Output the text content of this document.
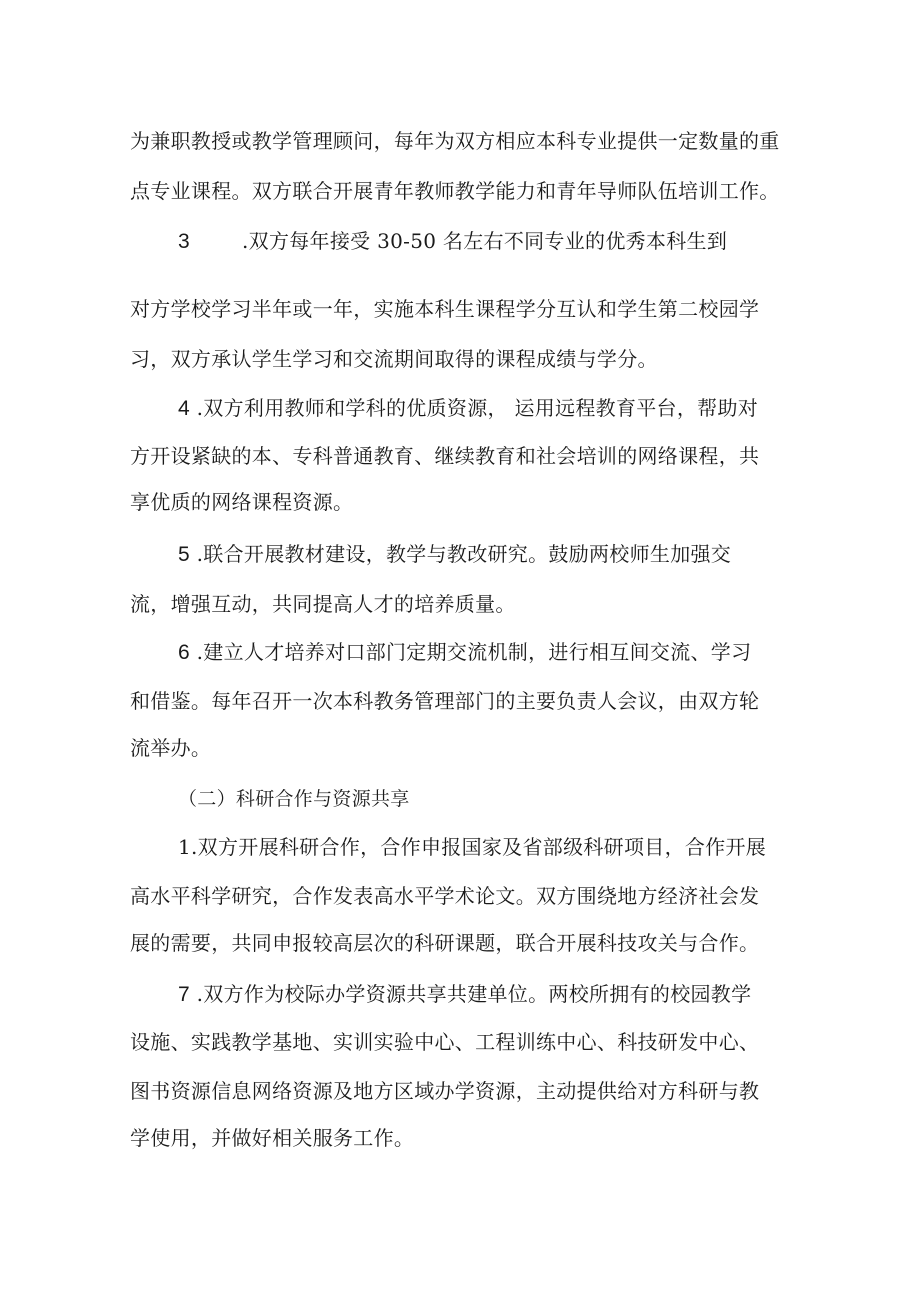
为兼职教授或教学管理顾问，每年为双方相应本科专业提供一定数量的重
点专业课程。双方联合开展青年教师教学能力和青年导师队伍培训工作。
3	.双方每年接受 30-50 名左右不同专业的优秀本科生到
对方学校学习半年或一年，实施本科生课程学分互认和学生第二校园学
习，双方承认学生学习和交流期间取得的课程成绩与学分。
4 .双方利用教师和学科的优质资源， 运用远程教育平台，帮助对
方开设紧缺的本、专科普通教育、继续教育和社会培训的网络课程，共
享优质的网络课程资源。
5 .联合开展教材建设，教学与教改研究。鼓励两校师生加强交
流，增强互动，共同提高人才的培养质量。
6 .建立人才培养对口部门定期交流机制，进行相互间交流、学习
和借鉴。每年召开一次本科教务管理部门的主要负责人会议，由双方轮
流举办。
（二）科研合作与资源共享
1.双方开展科研合作，合作申报国家及省部级科研项目，合作开展
高水平科学研究，合作发表高水平学术论文。双方围绕地方经济社会发
展的需要，共同申报较高层次的科研课题，联合开展科技攻关与合作。
7 .双方作为校际办学资源共享共建单位。两校所拥有的校园教学
设施、实践教学基地、实训实验中心、工程训练中心、科技研发中心、
图书资源信息网络资源及地方区域办学资源，主动提供给对方科研与教
学使用，并做好相关服务工作。
